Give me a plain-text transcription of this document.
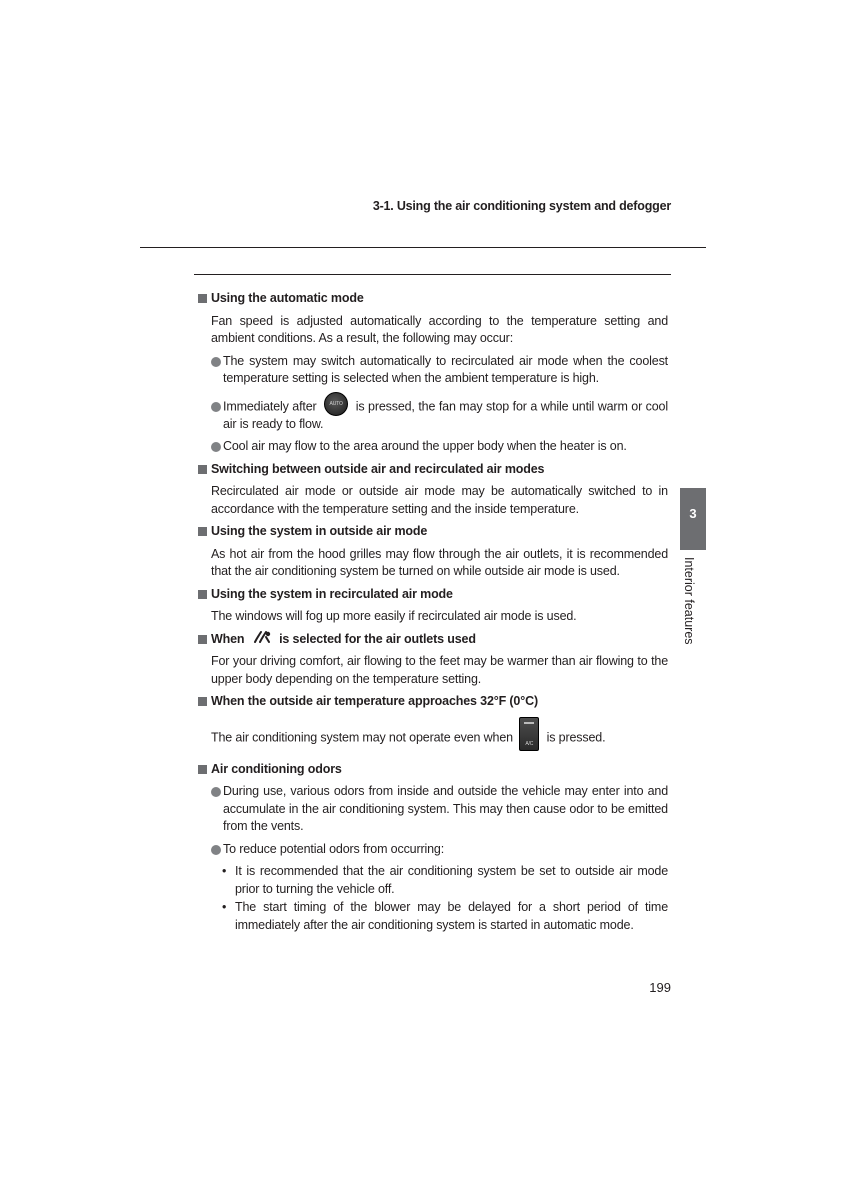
3-1. Using the air conditioning system and defogger
3
Interior features
Using the automatic mode
Fan speed is adjusted automatically according to the temperature setting and ambient conditions. As a result, the following may occur:
The system may switch automatically to recirculated air mode when the coolest temperature setting is selected when the ambient temperature is high.
Immediately after	AUTO is pressed, the fan may stop for a while until warm or cool air is ready to flow.
Cool air may flow to the area around the upper body when the heater is on.
Switching between outside air and recirculated air modes
Recirculated air mode or outside air mode may be automatically switched to in accordance with the temperature setting and the inside temperature.
Using the system in outside air mode
As hot air from the hood grilles may flow through the air outlets, it is recommended that the air conditioning system be turned on while outside air mode is used.
Using the system in recirculated air mode
The windows will fog up more easily if recirculated air mode is used.
When	is selected for the air outlets used
For your driving comfort, air flowing to the feet may be warmer than air flowing to the upper body depending on the temperature setting.
When the outside air temperature approaches 32°F (0°C)
The air conditioning system may not operate even when	A/C	is pressed.
Air conditioning odors
During use, various odors from inside and outside the vehicle may enter into and accumulate in the air conditioning system. This may then cause odor to be emitted from the vents.
To reduce potential odors from occurring:
• It is recommended that the air conditioning system be set to outside air mode prior to turning the vehicle off.
• The start timing of the blower may be delayed for a short period of time immediately after the air conditioning system is started in automatic mode.
199
